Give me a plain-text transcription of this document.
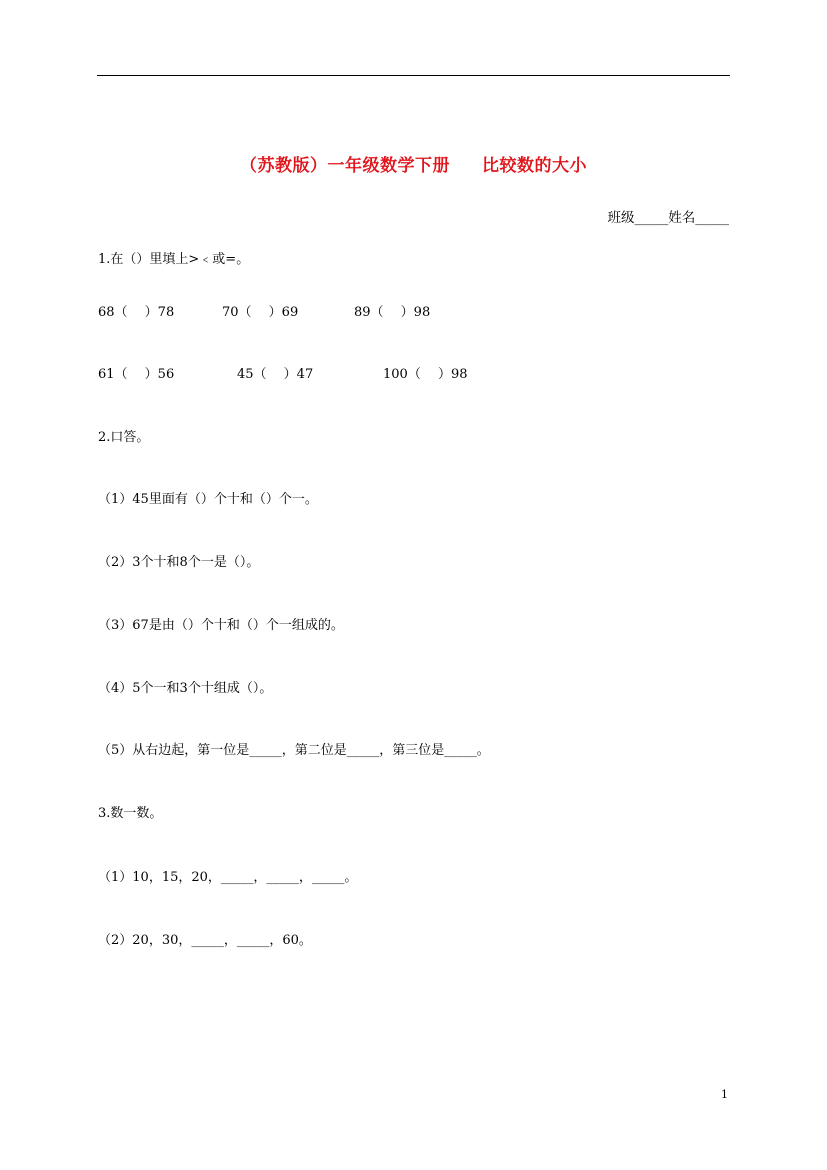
（苏教版）一年级数学下册 比较数的大小
班级_____姓名_____
1.在（）里填上>﹤或=。
68（　 ）78	70（　 ）69	89（　 ）98
61（　 ）56	45（　 ）47	100（　 ）98
2.口答。
（1）45里面有（）个十和（）个一。
（2）3个十和8个一是（）。
（3）67是由（）个十和（）个一组成的。
（4）5个一和3个十组成（）。
（5）从右边起，第一位是_____，第二位是_____，第三位是_____。
3.数一数。
（1）10，15，20，_____，_____，_____。
（2）20，30，_____，_____，60。
1
